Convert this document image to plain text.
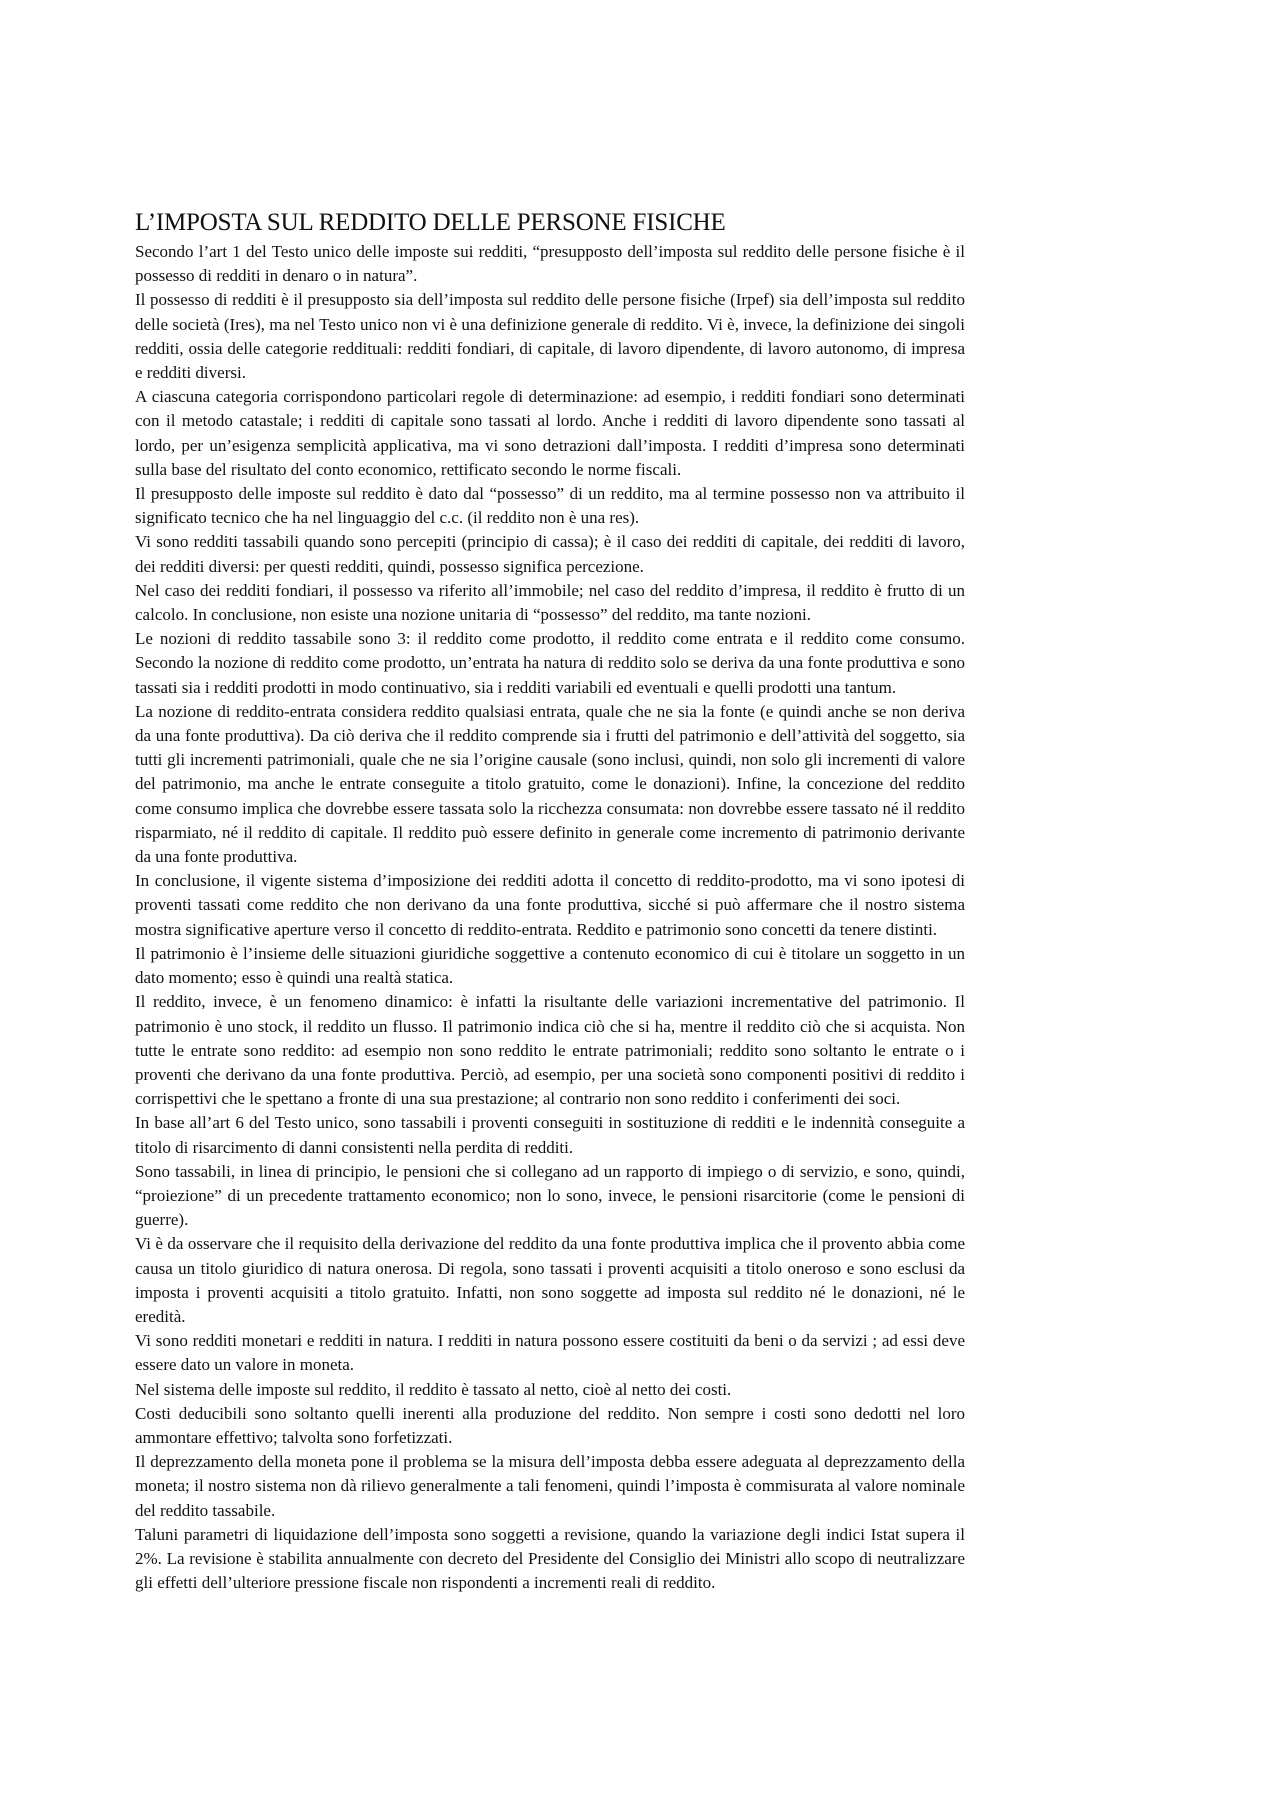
L’IMPOSTA SUL REDDITO DELLE PERSONE FISICHE

Secondo l’art 1 del Testo unico delle imposte sui redditi, “presupposto dell’imposta sul reddito delle persone fisiche è il possesso di redditi in denaro o in natura”.

Il possesso di redditi è il presupposto sia dell’imposta sul reddito delle persone fisiche (Irpef) sia dell’imposta sul reddito delle società (Ires), ma nel Testo unico non vi è una definizione generale di reddito. Vi è, invece, la definizione dei singoli redditi, ossia delle categorie reddituali: redditi fondiari, di capitale, di lavoro dipendente, di lavoro autonomo, di impresa e redditi diversi.

A ciascuna categoria corrispondono particolari regole di determinazione: ad esempio, i redditi fondiari sono determinati con il metodo catastale; i redditi di capitale sono tassati al lordo. Anche i redditi di lavoro dipendente sono tassati al lordo, per un’esigenza semplicità applicativa, ma vi sono detrazioni dall’imposta. I redditi d’impresa sono determinati sulla base del risultato del conto economico, rettificato secondo le norme fiscali.

Il presupposto delle imposte sul reddito è dato dal “possesso” di un reddito, ma al termine possesso non va attribuito il significato tecnico che ha nel linguaggio del c.c. (il reddito non è una res).

Vi sono redditi tassabili quando sono percepiti (principio di cassa); è il caso dei redditi di capitale, dei redditi di lavoro, dei redditi diversi: per questi redditi, quindi, possesso significa percezione.

Nel caso dei redditi fondiari, il possesso va riferito all’immobile; nel caso del reddito d’impresa, il reddito è frutto di un calcolo. In conclusione, non esiste una nozione unitaria di “possesso” del reddito, ma tante nozioni.

Le nozioni di reddito tassabile sono 3: il reddito come prodotto, il reddito come entrata e il reddito come consumo. Secondo la nozione di reddito come prodotto, un’entrata ha natura di reddito solo se deriva da una fonte produttiva e sono tassati sia i redditi prodotti in modo continuativo, sia i redditi variabili ed eventuali e quelli prodotti una tantum.

La nozione di reddito-entrata considera reddito qualsiasi entrata, quale che ne sia la fonte (e quindi anche se non deriva da una fonte produttiva). Da ciò deriva che il reddito comprende sia i frutti del patrimonio e dell’attività del soggetto, sia tutti gli incrementi patrimoniali, quale che ne sia l’origine causale (sono inclusi, quindi, non solo gli incrementi di valore del patrimonio, ma anche le entrate conseguite a titolo gratuito, come le donazioni). Infine, la concezione del reddito come consumo implica che dovrebbe essere tassata solo la ricchezza consumata: non dovrebbe essere tassato né il reddito risparmiato, né il reddito di capitale. Il reddito può essere definito in generale come incremento di patrimonio derivante da una fonte produttiva.

In conclusione, il vigente sistema d’imposizione dei redditi adotta il concetto di reddito-prodotto, ma vi sono ipotesi di proventi tassati come reddito che non derivano da una fonte produttiva, sicché si può affermare che il nostro sistema mostra significative aperture verso il concetto di reddito-entrata. Reddito e patrimonio sono concetti da tenere distinti.

Il patrimonio è l’insieme delle situazioni giuridiche soggettive a contenuto economico di cui è titolare un soggetto in un dato momento; esso è quindi una realtà statica.

Il reddito, invece, è un fenomeno dinamico: è infatti la risultante delle variazioni incrementative del patrimonio. Il patrimonio è uno stock, il reddito un flusso. Il patrimonio indica ciò che si ha, mentre il reddito ciò che si acquista. Non tutte le entrate sono reddito: ad esempio non sono reddito le entrate patrimoniali; reddito sono soltanto le entrate o i proventi che derivano da una fonte produttiva. Perciò, ad esempio, per una società sono componenti positivi di reddito i corrispettivi che le spettano a fronte di una sua prestazione; al contrario non sono reddito i conferimenti dei soci.

In base all’art 6 del Testo unico, sono tassabili i proventi conseguiti in sostituzione di redditi e le indennità conseguite a titolo di risarcimento di danni consistenti nella perdita di redditi.

Sono tassabili, in linea di principio, le pensioni che si collegano ad un rapporto di impiego o di servizio, e sono, quindi, “proiezione” di un precedente trattamento economico; non lo sono, invece, le pensioni risarcitorie (come le pensioni di guerre).

Vi è da osservare che il requisito della derivazione del reddito da una fonte produttiva implica che il provento abbia come causa un titolo giuridico di natura onerosa. Di regola, sono tassati i proventi acquisiti a titolo oneroso e sono esclusi da imposta i proventi acquisiti a titolo gratuito. Infatti, non sono soggette ad imposta sul reddito né le donazioni, né le eredità.

Vi sono redditi monetari e redditi in natura. I redditi in natura possono essere costituiti da beni o da servizi ; ad essi deve essere dato un valore in moneta.

Nel sistema delle imposte sul reddito, il reddito è tassato al netto, cioè al netto dei costi.

Costi deducibili sono soltanto quelli inerenti alla produzione del reddito. Non sempre i costi sono dedotti nel loro ammontare effettivo; talvolta sono forfetizzati.

Il deprezzamento della moneta pone il problema se la misura dell’imposta debba essere adeguata al deprezzamento della moneta; il nostro sistema non dà rilievo generalmente a tali fenomeni, quindi l’imposta è commisurata al valore nominale del reddito tassabile.

Taluni parametri di liquidazione dell’imposta sono soggetti a revisione, quando la variazione degli indici Istat supera il 2%. La revisione è stabilita annualmente con decreto del Presidente del Consiglio dei Ministri allo scopo di neutralizzare gli effetti dell’ulteriore pressione fiscale non rispondenti a incrementi reali di reddito.
